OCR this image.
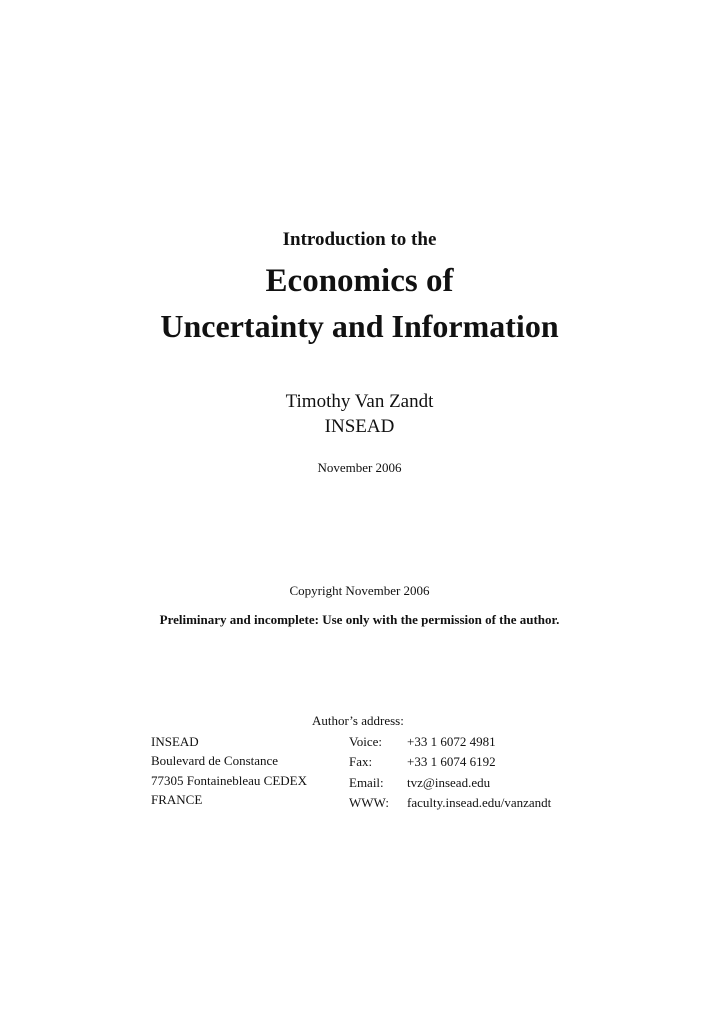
Introduction to the
Economics of
Uncertainty and Information
Timothy Van Zandt
INSEAD
November 2006
Copyright November 2006
Preliminary and incomplete: Use only with the permission of the author.
Author’s address:
INSEAD
Boulevard de Constance
77305 Fontainebleau CEDEX
FRANCE
Voice: +33 1 6072 4981
Fax:	+33 1 6074 6192
Email: tvz@insead.edu
WWW: faculty.insead.edu/vanzandt
